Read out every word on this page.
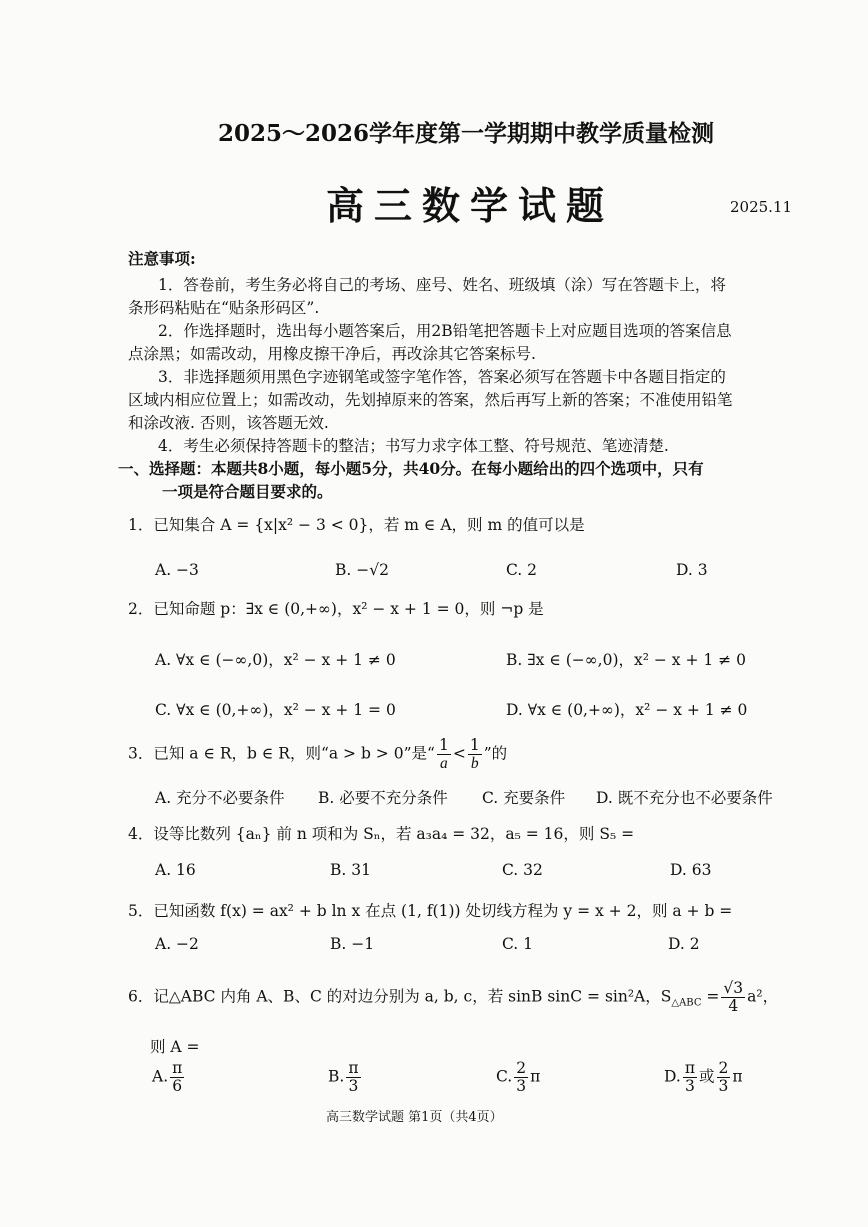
2025～2026学年度第一学期期中教学质量检测
高三数学试题	2025.11
注意事项:
1．答卷前，考生务必将自己的考场、座号、姓名、班级填（涂）写在答题卡上，将
条形码粘贴在“贴条形码区”.
2．作选择题时，选出每小题答案后，用2B铅笔把答题卡上对应题目选项的答案信息
点涂黑；如需改动，用橡皮擦干净后，再改涂其它答案标号.
3．非选择题须用黑色字迹钢笔或签字笔作答，答案必须写在答题卡中各题目指定的
区域内相应位置上；如需改动，先划掉原来的答案，然后再写上新的答案；不准使用铅笔
和涂改液. 否则，该答题无效.
4．考生必须保持答题卡的整洁；书写力求字体工整、符号规范、笔迹清楚.
一、选择题：本题共8小题，每小题5分，共40分。在每小题给出的四个选项中，只有
一项是符合题目要求的。
1．已知集合 A = {x|x² − 3 < 0}，若 m ∈ A，则 m 的值可以是
A. −3	B. −√2	C. 2	D. 3
2．已知命题 p：∃x ∈ (0,+∞)，x² − x + 1 = 0，则 ¬p 是
A. ∀x ∈ (−∞,0)，x² − x + 1 ≠ 0	B. ∃x ∈ (−∞,0)，x² − x + 1 ≠ 0
C. ∀x ∈ (0,+∞)，x² − x + 1 = 0	D. ∀x ∈ (0,+∞)，x² − x + 1 ≠ 0
3．已知 a ∈ R，b ∈ R，则“a > b > 0”是“ $\frac{1}{a} < \frac{1}{b}$ ”的
A. 充分不必要条件 B. 必要不充分条件 C. 充要条件 D. 既不充分也不必要条件
4．设等比数列 {aₙ} 前 n 项和为 Sₙ，若 a₃a₄ = 32，a₅ = 16，则 S₅ =
A. 16	B. 31	C. 32	D. 63
5．已知函数 f(x) = ax² + b ln x 在点 (1, f(1)) 处切线方程为 y = x + 2，则 a + b =
A. −2	B. −1	C. 1	D. 2
6．记△ABC 内角 A、B、C 的对边分别为 a, b, c，若 sinB sinC = sin²A，$S_{\triangle ABC} = \frac{√3}{4} a^2$，
则 A =
A. $\frac{\pi}{6}$	B. $\frac{\pi}{3}$	C. $\frac{2}{3}$ π	D. $\frac{\pi}{3}$ 或 $\frac{2}{3}$ π
高三数学试题 第1页（共4页）
